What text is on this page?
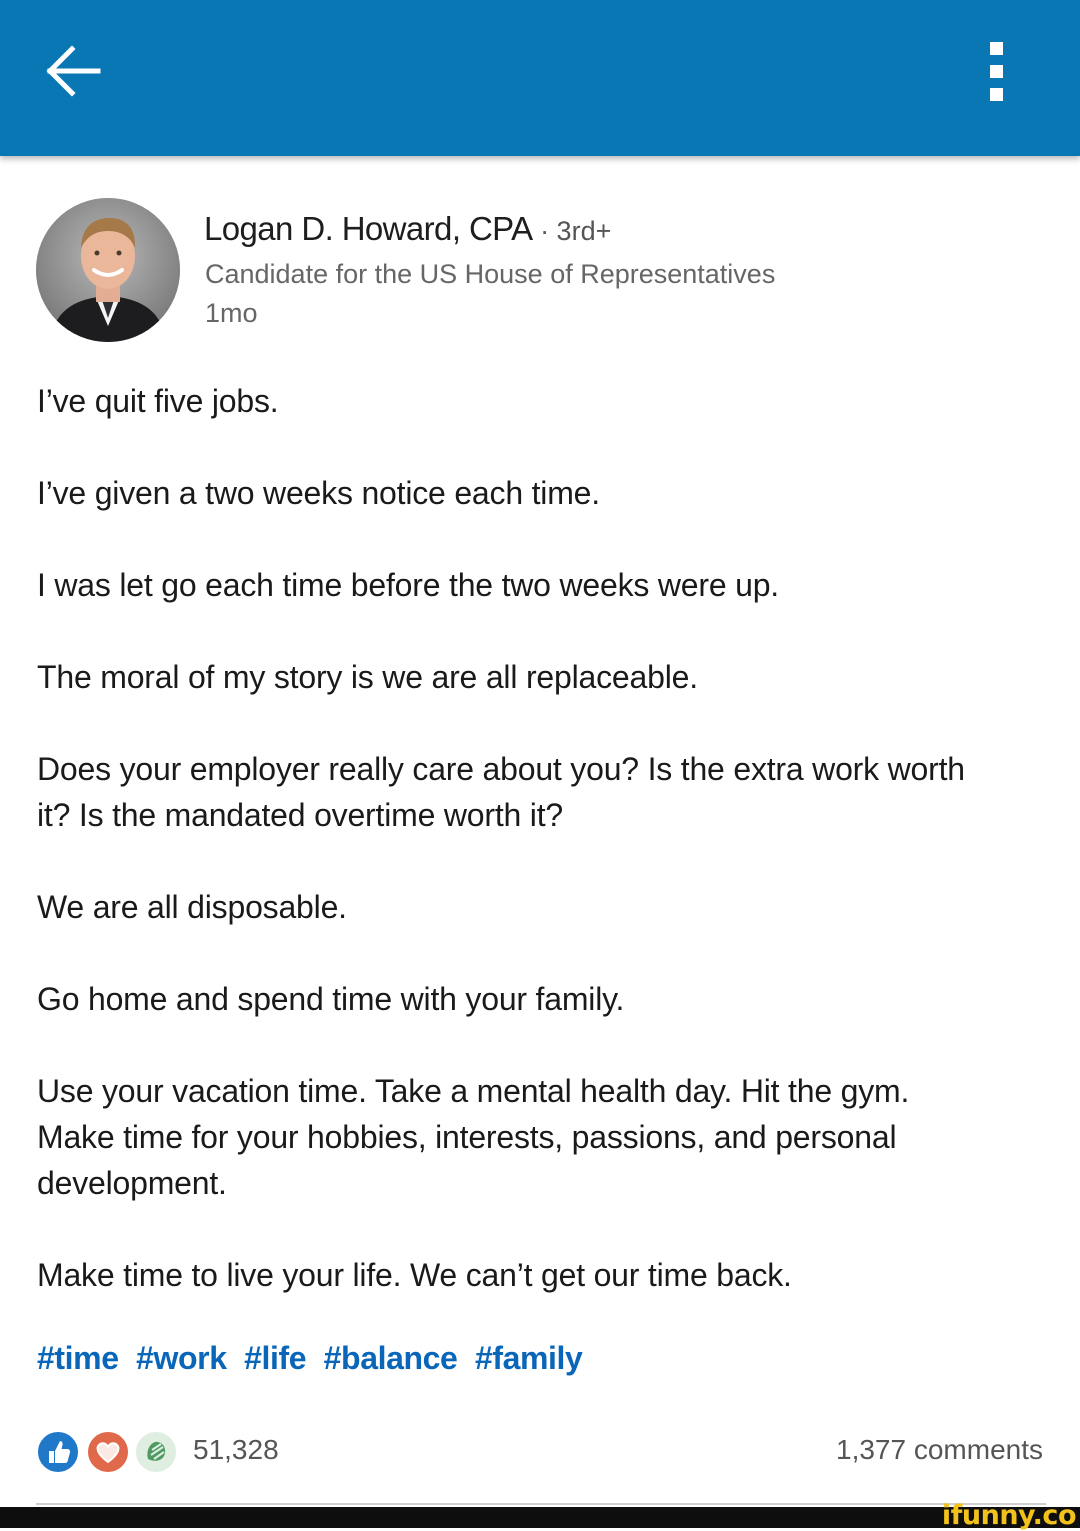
Logan D. Howard, CPA · 3rd+
Candidate for the US House of Representatives
1mo

I’ve quit five jobs.

I’ve given a two weeks notice each time.

I was let go each time before the two weeks were up.

The moral of my story is we are all replaceable.

Does your employer really care about you? Is the extra work worth
it? Is the mandated overtime worth it?

We are all disposable.

Go home and spend time with your family.

Use your vacation time. Take a mental health day. Hit the gym.
Make time for your hobbies, interests, passions, and personal
development.

Make time to live your life. We can’t get our time back.

#time #work #life #balance #family
51,328	1,377 comments
ifunny.co
